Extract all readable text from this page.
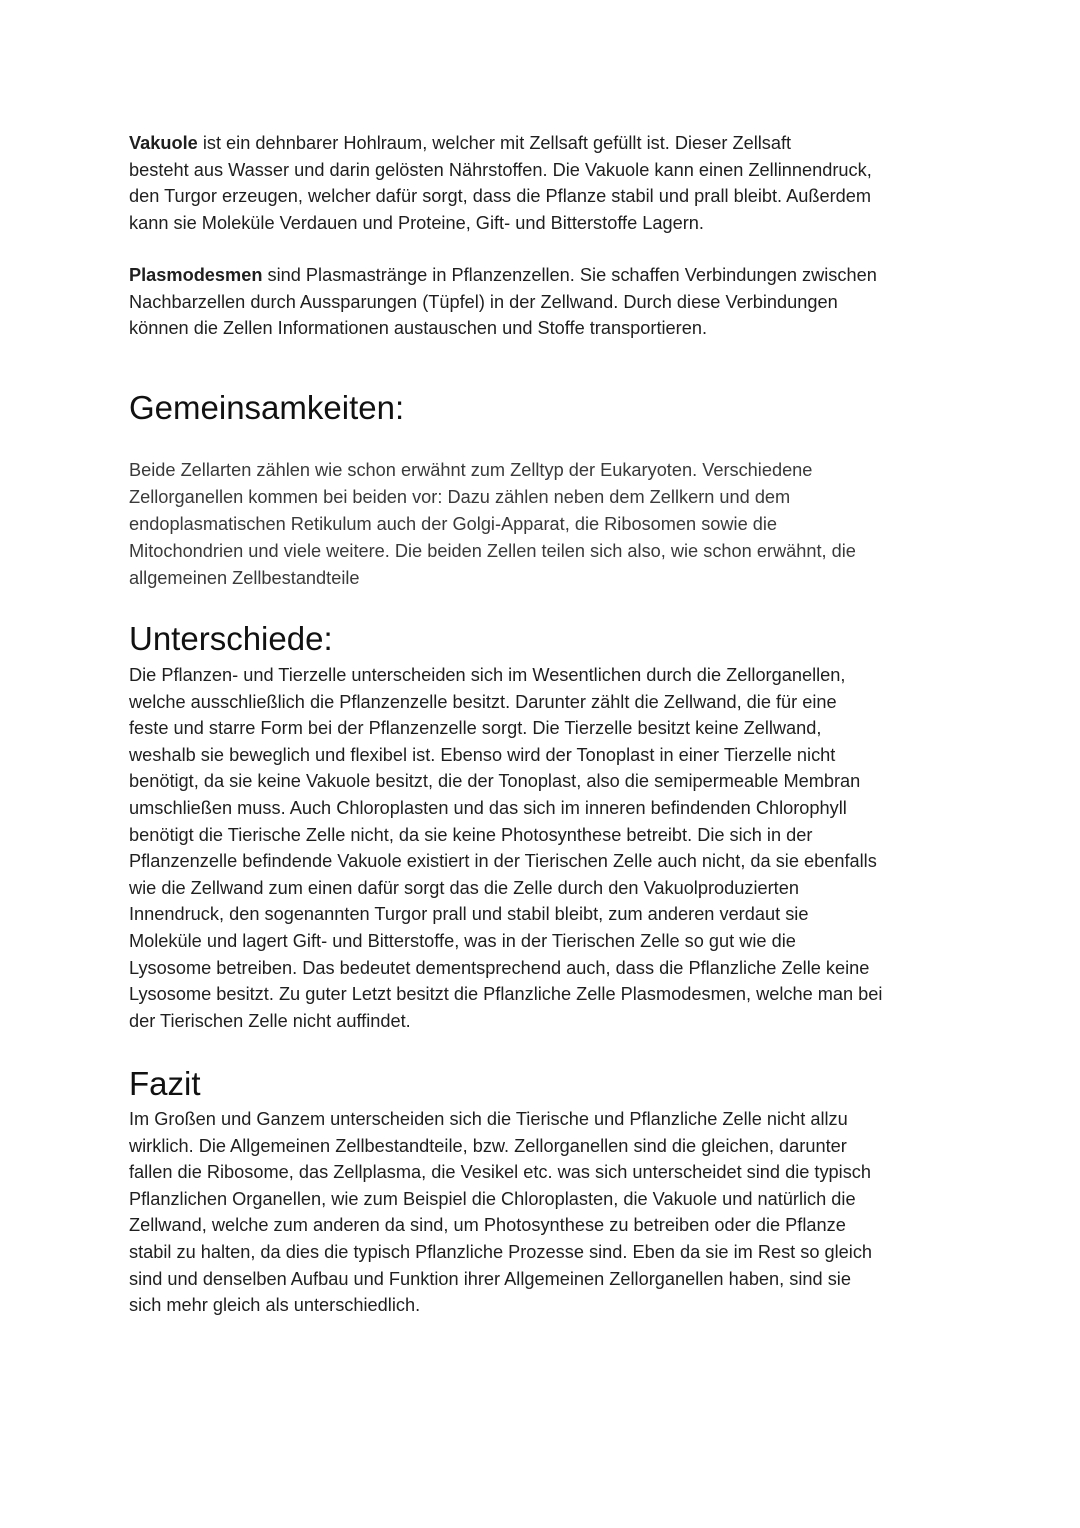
Vakuole ist ein dehnbarer Hohlraum, welcher mit Zellsaft gefüllt ist. Dieser Zellsaft
besteht aus Wasser und darin gelösten Nährstoffen. Die Vakuole kann einen Zellinnendruck,
den Turgor erzeugen, welcher dafür sorgt, dass die Pflanze stabil und prall bleibt. Außerdem
kann sie Moleküle Verdauen und Proteine, Gift- und Bitterstoffe Lagern.

Plasmodesmen sind Plasmastränge in Pflanzenzellen. Sie schaffen Verbindungen zwischen
Nachbarzellen durch Aussparungen (Tüpfel) in der Zellwand. Durch diese Verbindungen
können die Zellen Informationen austauschen und Stoffe transportieren.

Gemeinsamkeiten:

Beide Zellarten zählen wie schon erwähnt zum Zelltyp der Eukaryoten. Verschiedene
Zellorganellen kommen bei beiden vor: Dazu zählen neben dem Zellkern und dem
endoplasmatischen Retikulum auch der Golgi-Apparat, die Ribosomen sowie die
Mitochondrien und viele weitere. Die beiden Zellen teilen sich also, wie schon erwähnt, die
allgemeinen Zellbestandteile

Unterschiede:

Die Pflanzen- und Tierzelle unterscheiden sich im Wesentlichen durch die Zellorganellen,
welche ausschließlich die Pflanzenzelle besitzt. Darunter zählt die Zellwand, die für eine
feste und starre Form bei der Pflanzenzelle sorgt. Die Tierzelle besitzt keine Zellwand,
weshalb sie beweglich und flexibel ist. Ebenso wird der Tonoplast in einer Tierzelle nicht
benötigt, da sie keine Vakuole besitzt, die der Tonoplast, also die semipermeable Membran
umschließen muss. Auch Chloroplasten und das sich im inneren befindenden Chlorophyll
benötigt die Tierische Zelle nicht, da sie keine Photosynthese betreibt. Die sich in der
Pflanzenzelle befindende Vakuole existiert in der Tierischen Zelle auch nicht, da sie ebenfalls
wie die Zellwand zum einen dafür sorgt das die Zelle durch den Vakuolproduzierten
Innendruck, den sogenannten Turgor prall und stabil bleibt, zum anderen verdaut sie
Moleküle und lagert Gift- und Bitterstoffe, was in der Tierischen Zelle so gut wie die
Lysosome betreiben. Das bedeutet dementsprechend auch, dass die Pflanzliche Zelle keine
Lysosome besitzt. Zu guter Letzt besitzt die Pflanzliche Zelle Plasmodesmen, welche man bei
der Tierischen Zelle nicht auffindet.

Fazit

Im Großen und Ganzem unterscheiden sich die Tierische und Pflanzliche Zelle nicht allzu
wirklich. Die Allgemeinen Zellbestandteile, bzw. Zellorganellen sind die gleichen, darunter
fallen die Ribosome, das Zellplasma, die Vesikel etc. was sich unterscheidet sind die typisch
Pflanzlichen Organellen, wie zum Beispiel die Chloroplasten, die Vakuole und natürlich die
Zellwand, welche zum anderen da sind, um Photosynthese zu betreiben oder die Pflanze
stabil zu halten, da dies die typisch Pflanzliche Prozesse sind. Eben da sie im Rest so gleich
sind und denselben Aufbau und Funktion ihrer Allgemeinen Zellorganellen haben, sind sie
sich mehr gleich als unterschiedlich.
